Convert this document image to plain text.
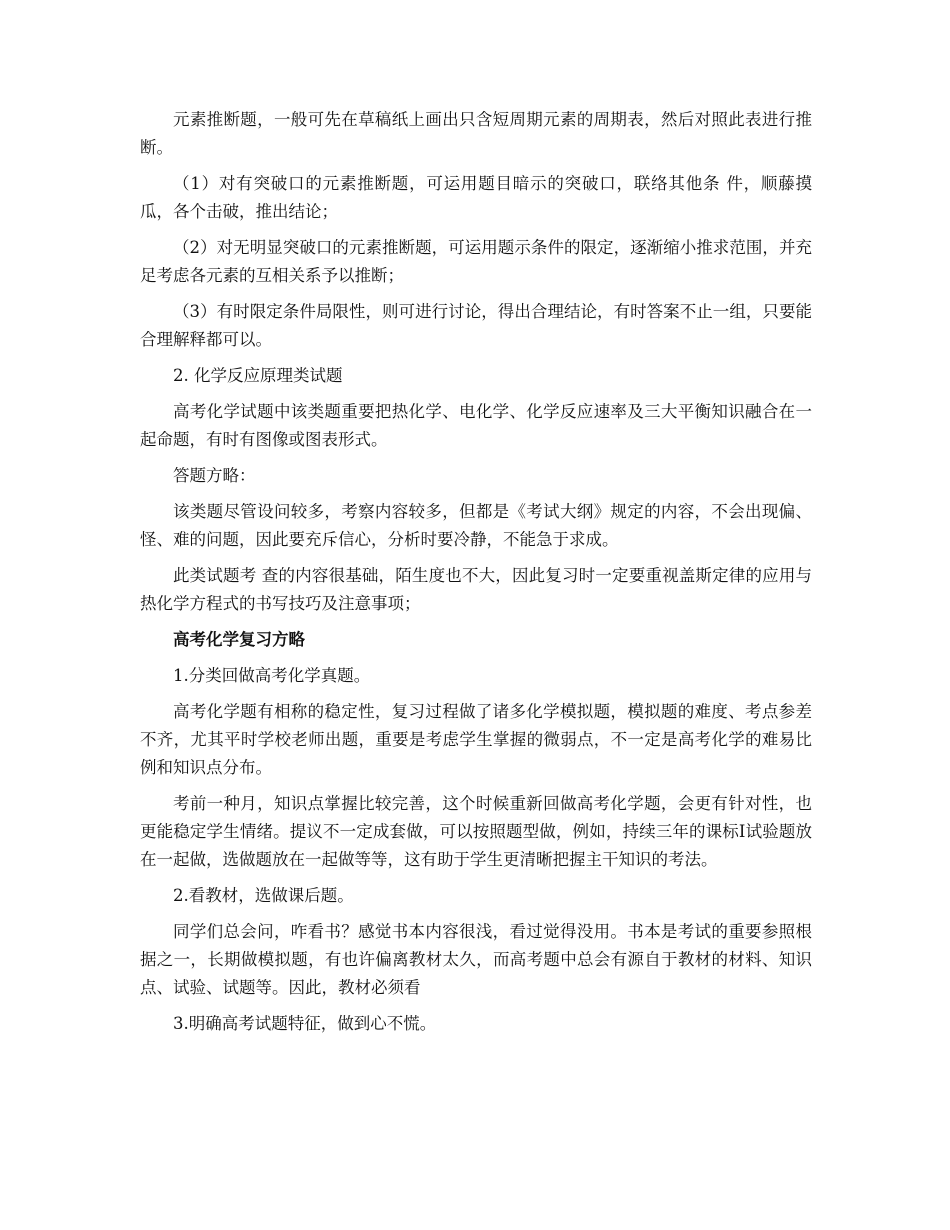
元素推断题，一般可先在草稿纸上画出只含短周期元素的周期表，然后对照此表进行推断。

（1）对有突破口的元素推断题，可运用题目暗示的突破口，联络其他条 件，顺藤摸瓜，各个击破，推出结论；

（2）对无明显突破口的元素推断题，可运用题示条件的限定，逐渐缩小推求范围，并充足考虑各元素的互相关系予以推断；

（3）有时限定条件局限性，则可进行讨论，得出合理结论，有时答案不止一组，只要能合理解释都可以。

2. 化学反应原理类试题

高考化学试题中该类题重要把热化学、电化学、化学反应速率及三大平衡知识融合在一起命题，有时有图像或图表形式。

答题方略：

该类题尽管设问较多，考察内容较多，但都是《考试大纲》规定的内容，不会出现偏、怪、难的问题，因此要充斥信心，分析时要冷静，不能急于求成。

此类试题考 查的内容很基础，陌生度也不大，因此复习时一定要重视盖斯定律的应用与热化学方程式的书写技巧及注意事项；

高考化学复习方略

1.分类回做高考化学真题。

高考化学题有相称的稳定性，复习过程做了诸多化学模拟题，模拟题的难度、考点参差不齐，尤其平时学校老师出题，重要是考虑学生掌握的微弱点，不一定是高考化学的难易比例和知识点分布。

考前一种月，知识点掌握比较完善，这个时候重新回做高考化学题，会更有针对性，也更能稳定学生情绪。提议不一定成套做，可以按照题型做，例如，持续三年的课标Ⅰ试验题放在一起做，选做题放在一起做等等，这有助于学生更清晰把握主干知识的考法。

2.看教材，选做课后题。

同学们总会问，咋看书？感觉书本内容很浅，看过觉得没用。书本是考试的重要参照根据之一，长期做模拟题，有也许偏离教材太久，而高考题中总会有源自于教材的材料、知识点、试验、试题等。因此，教材必须看

3.明确高考试题特征，做到心不慌。
